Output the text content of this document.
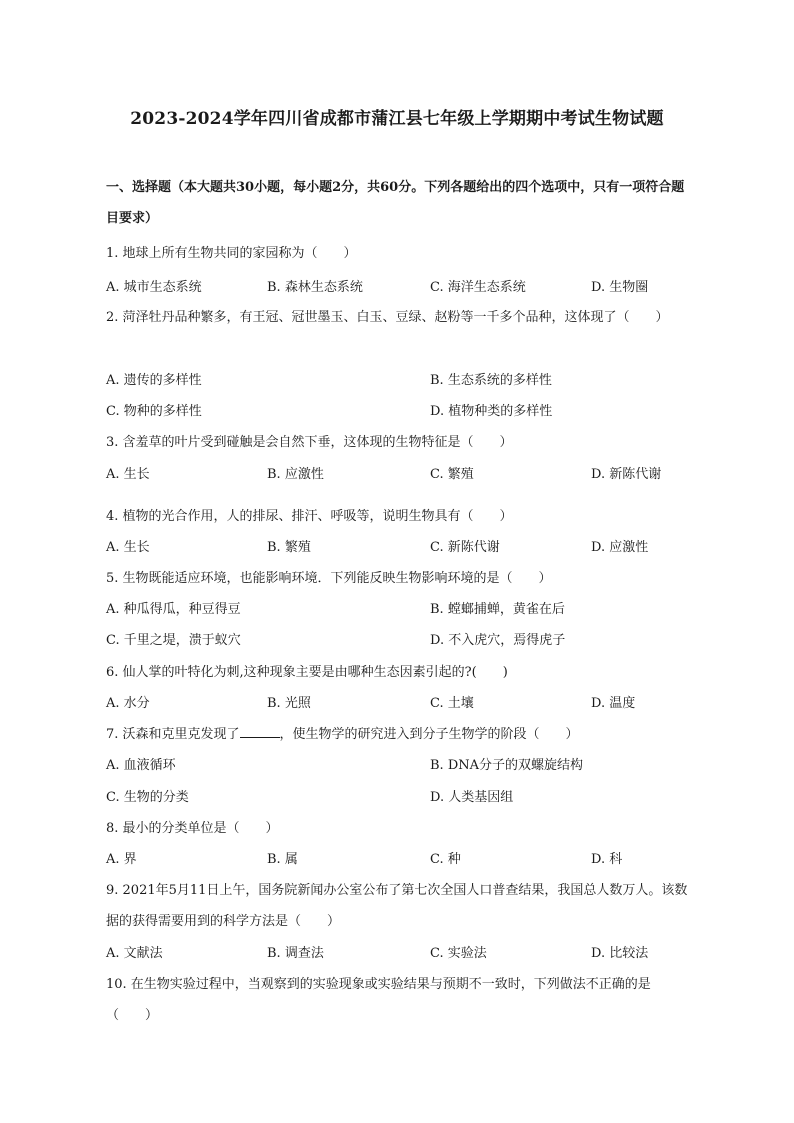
2023-2024学年四川省成都市蒲江县七年级上学期期中考试生物试题
一、选择题（本大题共30小题，每小题2分，共60分。下列各题给出的四个选项中，只有一项符合题目要求）
1. 地球上所有生物共同的家园称为（　　）
A. 城市生态系统	B. 森林生态系统	C. 海洋生态系统	D. 生物圈
2. 菏泽牡丹品种繁多，有王冠、冠世墨玉、白玉、豆绿、赵粉等一千多个品种，这体现了（　　）
A. 遗传的多样性	B. 生态系统的多样性
C. 物种的多样性	D. 植物种类的多样性
3. 含羞草的叶片受到碰触是会自然下垂，这体现的生物特征是（　　）
A. 生长	B. 应激性	C. 繁殖	D. 新陈代谢
4. 植物的光合作用，人的排尿、排汗、呼吸等，说明生物具有（　　）
A. 生长	B. 繁殖	C. 新陈代谢	D. 应激性
5. 生物既能适应环境，也能影响环境．下列能反映生物影响环境的是（　　）
A. 种瓜得瓜，种豆得豆	B. 螳螂捕蝉，黄雀在后
C. 千里之堤，溃于蚁穴	D. 不入虎穴，焉得虎子
6. 仙人掌的叶特化为刺,这种现象主要是由哪种生态因素引起的?(　　)
A. 水分	B. 光照	C. 土壤	D. 温度
7. 沃森和克里克发现了	，使生物学的研究进入到分子生物学的阶段（　　）
A. 血液循环	B. DNA分子的双螺旋结构
C. 生物的分类	D. 人类基因组
8. 最小的分类单位是（　　）
A. 界	B. 属	C. 种	D. 科
9. 2021年5月11日上午，国务院新闻办公室公布了第七次全国人口普查结果，我国总人数万人。该数据的获得需要用到的科学方法是（　　）
A. 文献法	B. 调查法	C. 实验法	D. 比较法
10. 在生物实验过程中，当观察到的实验现象或实验结果与预期不一致时，下列做法不正确的是（　　）
